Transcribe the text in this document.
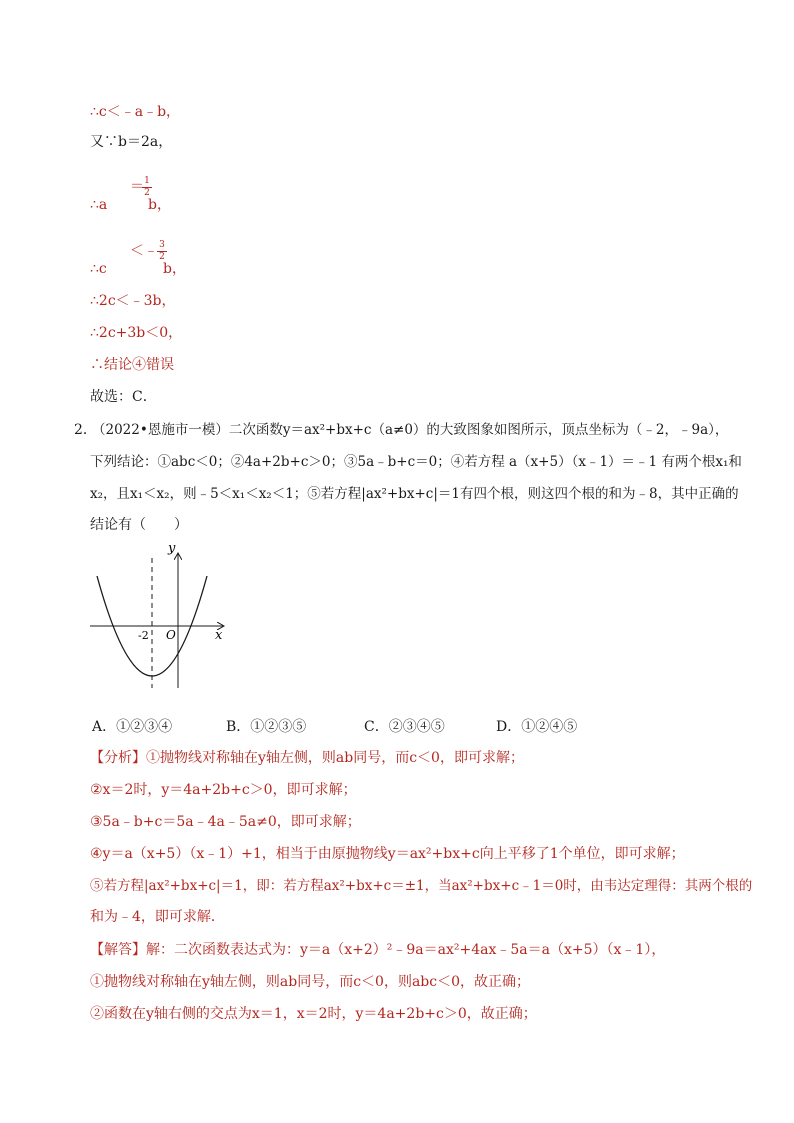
∴c＜﹣a﹣b，
又∵b＝2a，
∴a
＝ 1
2
b，
∴c
＜﹣ 3
2
b，
∴2c＜﹣3b，
∴2c+3b＜0，
∴结论④错误
故选：C．
2．
（2022•恩施市一模）二次函数y＝ax²+bx+c（a≠0）的大致图象如图所示，顶点坐标为（﹣2，﹣9a），
下列结论：①abc＜0；②4a+2b+c＞0；③5a﹣b+c＝0；④若方程 a（x+5）（x﹣1）＝﹣1 有两个根x₁和
x₂，且x₁＜x₂，则﹣5＜x₁＜x₂＜1；⑤若方程|ax²+bx+c|＝1有四个根，则这四个根的和为﹣8，其中正确的
结论有（　　）
y
x
O
-2
A．①②③④	B．①②③⑤	C．②③④⑤	D．①②④⑤
【分析】①抛物线对称轴在y轴左侧，则ab同号，而c＜0，即可求解；
②x＝2时，y＝4a+2b+c＞0，即可求解；
③5a﹣b+c＝5a﹣4a﹣5a≠0，即可求解；
④y＝a（x+5）（x﹣1）+1，相当于由原抛物线y＝ax²+bx+c向上平移了1个单位，即可求解；
⑤若方程|ax²+bx+c|＝1，即：若方程ax²+bx+c＝±1，当ax²+bx+c﹣1＝0时，由韦达定理得：其两个根的
和为﹣4，即可求解．
【解答】解：二次函数表达式为：y＝a（x+2）²﹣9a＝ax²+4ax﹣5a＝a（x+5）（x﹣1），
①抛物线对称轴在y轴左侧，则ab同号，而c＜0，则abc＜0，故正确；
②函数在y轴右侧的交点为x＝1，x＝2时，y＝4a+2b+c＞0，故正确；
